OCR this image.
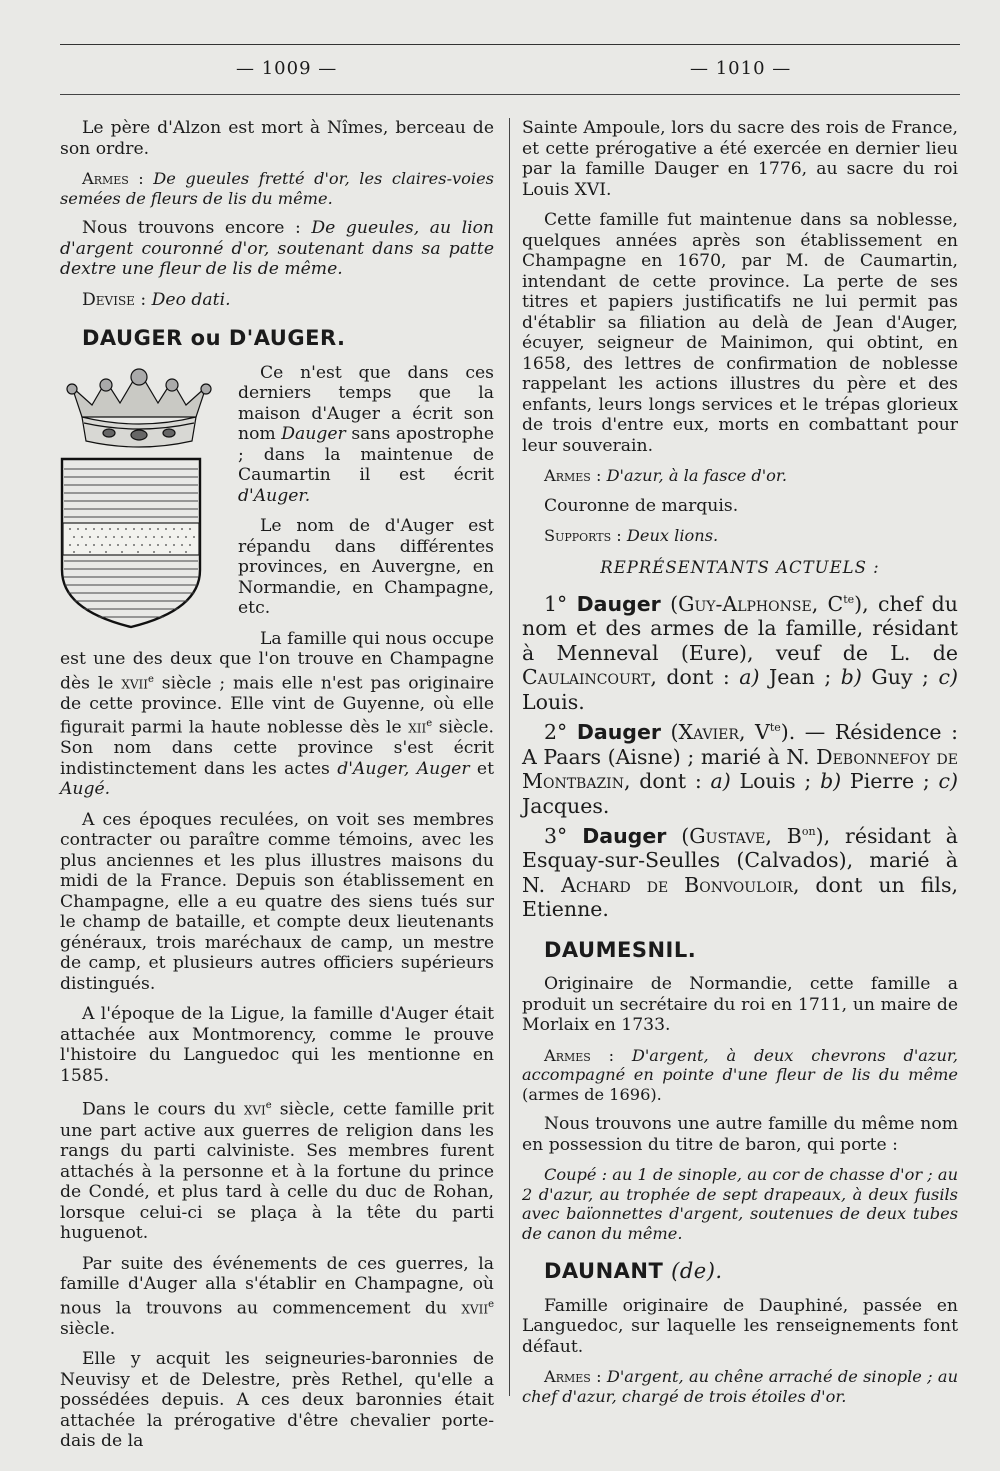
— 1009 —	— 1010 —

Le père d'Alzon est mort à Nîmes, berceau de son ordre.

Armes : De gueules fretté d'or, les claires-voies semées de fleurs de lis du même.

Nous trouvons encore : De gueules, au lion d'argent couronné d'or, soutenant dans sa patte dextre une fleur de lis de même.

Devise : Deo dati.

DAUGER ou D'AUGER.

Ce n'est que dans ces derniers temps que la maison d'Auger a écrit son nom Dauger sans apostrophe ; dans la maintenue de Caumartin il est écrit d'Auger.

Le nom de d'Auger est répandu dans différentes provinces, en Auvergne, en Normandie, en Champagne, etc.

La famille qui nous occupe est une des deux que l'on trouve en Champagne dès le xvii$^e$ siècle ; mais elle n'est pas originaire de cette province. Elle vint de Guyenne, où elle figurait parmi la haute noblesse dès le xii$^e$ siècle. Son nom dans cette province s'est écrit indistinctement dans les actes d'Auger, Auger et Augé.

A ces époques reculées, on voit ses membres contracter ou paraître comme témoins, avec les plus anciennes et les plus illustres maisons du midi de la France. Depuis son établissement en Champagne, elle a eu quatre des siens tués sur le champ de bataille, et compte deux lieutenants généraux, trois maréchaux de camp, un mestre de camp, et plusieurs autres officiers supérieurs distingués.

A l'époque de la Ligue, la famille d'Auger était attachée aux Montmorency, comme le prouve l'histoire du Languedoc qui les mentionne en 1585.

Dans le cours du xvi$^e$ siècle, cette famille prit une part active aux guerres de religion dans les rangs du parti calviniste. Ses membres furent attachés à la personne et à la fortune du prince de Condé, et plus tard à celle du duc de Rohan, lorsque celui-ci se plaça à la tête du parti huguenot.

Par suite des événements de ces guerres, la famille d'Auger alla s'établir en Champagne, où nous la trouvons au commencement du xvii$^e$ siècle.

Elle y acquit les seigneuries-baronnies de Neuvisy et de Delestre, près Rethel, qu'elle a possédées depuis. A ces deux baronnies était attachée la prérogative d'être chevalier porte-dais de la

Sainte Ampoule, lors du sacre des rois de France, et cette prérogative a été exercée en dernier lieu par la famille Dauger en 1776, au sacre du roi Louis XVI.

Cette famille fut maintenue dans sa noblesse, quelques années après son établissement en Champagne en 1670, par M. de Caumartin, intendant de cette province. La perte de ses titres et papiers justificatifs ne lui permit pas d'établir sa filiation au delà de Jean d'Auger, écuyer, seigneur de Mainimon, qui obtint, en 1658, des lettres de confirmation de noblesse rappelant les actions illustres du père et des enfants, leurs longs services et le trépas glorieux de trois d'entre eux, morts en combattant pour leur souverain.

Armes : D'azur, à la fasce d'or.

Couronne de marquis.

Supports : Deux lions.

REPRÉSENTANTS ACTUELS :

1° Dauger (Guy-Alphonse, $C^{te}$), chef du nom et des armes de la famille, résidant à Menneval (Eure), veuf de L. de Caulaincourt, dont : a) Jean ; b) Guy ; c) Louis.

2° Dauger (Xavier, $V^{te}$). — Résidence : A Paars (Aisne) ; marié à N. Debonnefoy de Montbazin, dont : a) Louis ; b) Pierre ; c) Jacques.

3° Dauger (Gustave, $B^{on}$), résidant à Esquay-sur-Seulles (Calvados), marié à N. Achard de Bonvouloir, dont un fils, Etienne.

DAUMESNIL.

Originaire de Normandie, cette famille a produit un secrétaire du roi en 1711, un maire de Morlaix en 1733.

Armes : D'argent, à deux chevrons d'azur, accompagné en pointe d'une fleur de lis du même (armes de 1696).

Nous trouvons une autre famille du même nom en possession du titre de baron, qui porte :

Coupé : au 1 de sinople, au cor de chasse d'or ; au 2 d'azur, au trophée de sept drapeaux, à deux fusils avec baïonnettes d'argent, soutenues de deux tubes de canon du même.

DAUNANT (de).

Famille originaire de Dauphiné, passée en Languedoc, sur laquelle les renseignements font défaut.

Armes : D'argent, au chêne arraché de sinople ; au chef d'azur, chargé de trois étoiles d'or.
